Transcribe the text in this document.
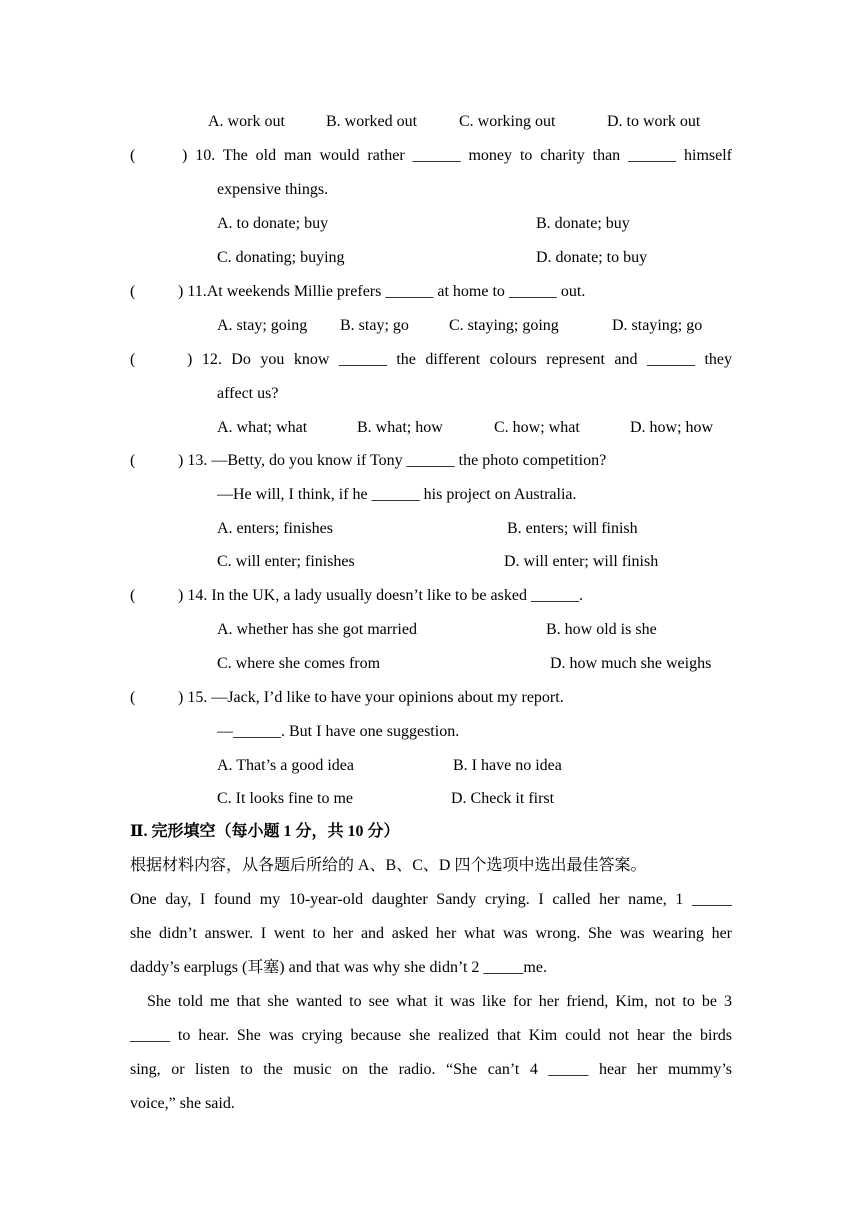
A. work out	B. worked out	C. working out	D. to work out
(	) 10. The old man would rather ______ money to charity than ______ himself
expensive things.
A. to donate; buy	B. donate; buy
C. donating; buying	D. donate; to buy
(	) 11.At weekends Millie prefers ______ at home to ______ out.
A. stay; going B. stay; go	C. staying; going	D. staying; go
(	) 12. Do you know ______ the different colours represent and ______ they
affect us?
A. what; what	B. what; how	C. how; what	D. how; how
(	) 13. —Betty, do you know if Tony ______ the photo competition?
—He will, I think, if he ______ his project on Australia.
A. enters; finishes	B. enters; will finish
C. will enter; finishes	D. will enter; will finish
(	) 14. In the UK, a lady usually doesn’t like to be asked ______.
A. whether has she got married	B. how old is she
C. where she comes from	D. how much she weighs
(	) 15. —Jack, I’d like to have your opinions about my report.
—______. But I have one suggestion.
A. That’s a good idea	B. I have no idea
C. It looks fine to me	D. Check it first
Ⅱ. 完形填空（每小题 1 分，共 10 分）
根据材料内容，从各题后所给的 A、B、C、D 四个选项中选出最佳答案。
One day, I found my 10-year-old daughter Sandy crying. I called her name, 1 _____
she didn’t answer. I went to her and asked her what was wrong. She was wearing her
daddy’s earplugs (耳塞) and that was why she didn’t 2 _____me.
She told me that she wanted to see what it was like for her friend, Kim, not to be 3
_____ to hear. She was crying because she realized that Kim could not hear the birds
sing, or listen to the music on the radio. “She can’t 4 _____ hear her mummy’s
voice,” she said.
